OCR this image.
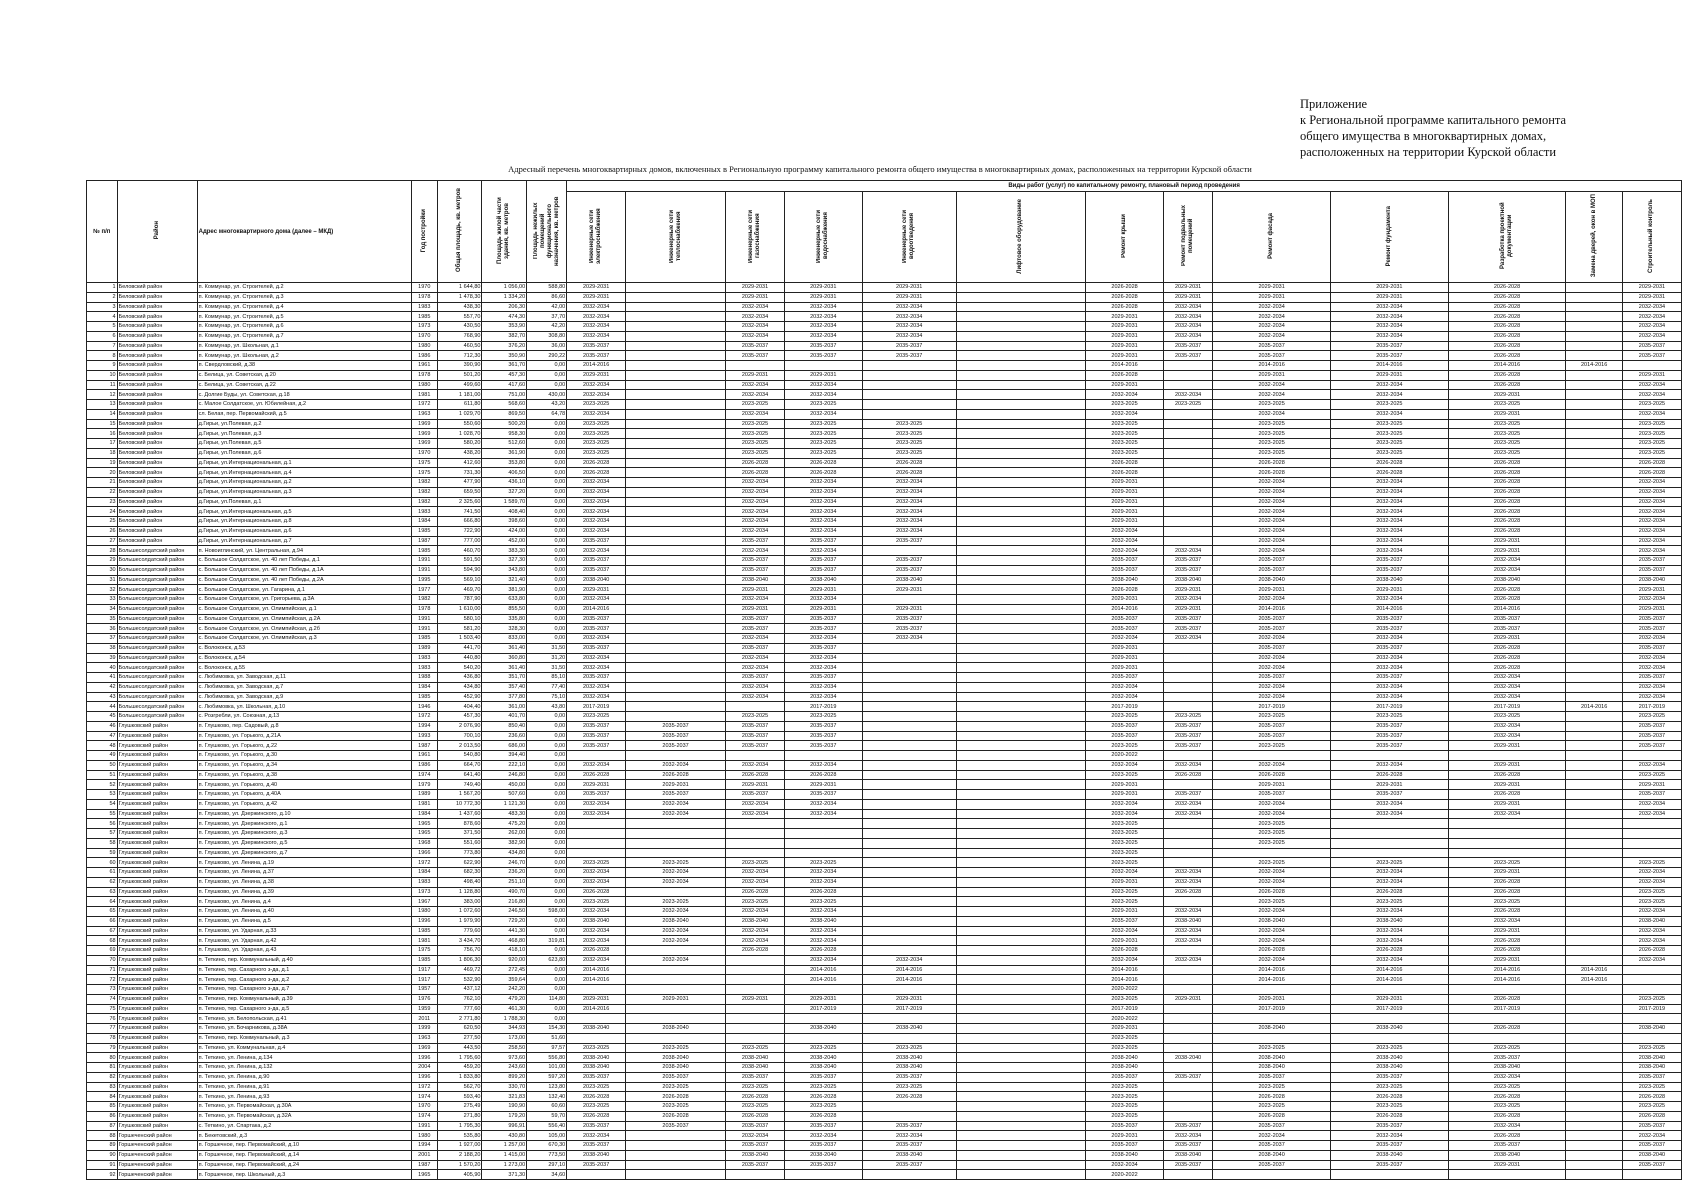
Приложение
к Региональной программе капитального ремонта
общего имущества в многоквартирных домах,
расположенных на территории Курской области
Адресный перечень многоквартирных домов, включенных в Региональную программу капитального ремонта общего имущества в многоквартирных домах, расположенных на территории Курской области
№ п/п	Район	Адрес многоквартирного дома (далее – МКД)	Год постройки	Общая площадь, кв. метров	Площадь жилой части здания, кв. метров	Площадь нежилых помещений функционального назначения, кв. метров	Виды работ (услуг) по капитальному ремонту, плановый период проведения												
							Инженерные сети электроснабжения	Инженерные сети теплоснабжения	Инженерные сети газоснабжения	Инженерные сети водоснабжения	Инженерные сети водоотведения	Лифтовое оборудование	Ремонт крыши	Ремонт подвальных помещений	Ремонт фасада	Ремонт фундамента	Разработка проектной документации	Замена дверей, окон в МОП	Строительный контроль
1	Беловский район	п. Коммунар, ул. Строителей, д.2	1970	1 644,80	1 056,00	588,80	2029-2031		2029-2031	2029-2031	2029-2031		2026-2028	2029-2031	2029-2031	2029-2031	2026-2028		2029-2031
2	Беловский район	п. Коммунар, ул. Строителей, д.3	1978	1 478,30	1 334,20	86,60	2029-2031		2029-2031	2029-2031	2029-2031		2026-2028	2029-2031	2029-2031	2029-2031	2026-2028		2029-2031
3	Беловский район	п. Коммунар, ул. Строителей, д.4	1983	438,30	206,30	42,00	2032-2034		2032-2034	2032-2034	2032-2034		2026-2028	2032-2034	2032-2034	2032-2034	2026-2028		2032-2034
4	Беловский район	п. Коммунар, ул. Строителей, д.5	1985	557,70	474,30	37,70	2032-2034		2032-2034	2032-2034	2032-2034		2029-2031	2032-2034	2032-2034	2032-2034	2026-2028		2032-2034
5	Беловский район	п. Коммунар, ул. Строителей, д.6	1973	430,50	353,90	42,20	2032-2034		2032-2034	2032-2034	2032-2034		2029-2031	2032-2034	2032-2034	2032-2034	2026-2028		2032-2034
6	Беловский район	п. Коммунар, ул. Строителей, д.7	1970	768,90	382,70	308,80	2032-2034		2032-2034	2032-2034	2032-2034		2029-2031	2032-2034	2032-2034	2032-2034	2026-2028		2032-2034
7	Беловский район	п. Коммунар, ул. Школьная, д.1	1980	460,50	376,20	36,00	2035-2037		2035-2037	2035-2037	2035-2037		2029-2031	2035-2037	2035-2037	2035-2037	2026-2028		2035-2037
8	Беловский район	п. Коммунар, ул. Школьная, д.2	1986	712,30	350,90	290,22	2035-2037		2035-2037	2035-2037	2035-2037		2029-2031	2035-2037	2035-2037	2035-2037	2026-2028		2035-2037
9	Беловский район	п. Свердловский, д.38	1961	390,90	361,70	0,00	2014-2016						2014-2016		2014-2016	2014-2016	2014-2016	2014-2016	
10	Беловский район	с. Белица, ул. Советская, д.20	1978	501,20	457,30	0,00	2029-2031		2029-2031	2029-2031			2026-2028		2029-2031	2029-2031	2026-2028		2029-2031
11	Беловский район	с. Белица, ул. Советская, д.22	1980	499,60	417,60	0,00	2032-2034		2032-2034	2032-2034			2029-2031		2032-2034	2032-2034	2026-2028		2032-2034
12	Беловский район	с. Долгие Буды, ул. Советская, д.18	1981	1 181,00	751,00	430,00	2032-2034		2032-2034	2032-2034			2032-2034	2032-2034	2032-2034	2032-2034	2029-2031		2032-2034
13	Беловский район	с. Малое Солдатское, ул. Юбилейная, д.2	1972	611,80	568,60	43,20	2023-2025		2023-2025	2023-2025			2023-2025	2023-2025	2023-2025	2023-2025	2023-2025		2023-2025
14	Беловский район	сл. Белая, пер. Первомайский, д.5	1963	1 029,70	869,50	64,78	2032-2034		2032-2034	2032-2034			2032-2034		2032-2034	2032-2034	2029-2031		2032-2034
15	Беловский район	д.Гирьи, ул.Полевая, д.2	1969	550,60	500,20	0,00	2023-2025		2023-2025	2023-2025	2023-2025		2023-2025		2023-2025	2023-2025	2023-2025		2023-2025
16	Беловский район	д.Гирьи, ул.Полевая, д.3	1969	1 028,70	958,30	0,00	2023-2025		2023-2025	2023-2025	2023-2025		2023-2025		2023-2025	2023-2025	2023-2025		2023-2025
17	Беловский район	д.Гирьи, ул.Полевая, д.5	1969	580,20	512,60	0,00	2023-2025		2023-2025	2023-2025	2023-2025		2023-2025		2023-2025	2023-2025	2023-2025		2023-2025
18	Беловский район	д.Гирьи, ул.Полевая, д.6	1970	438,20	361,90	0,00	2023-2025		2023-2025	2023-2025	2023-2025		2023-2025		2023-2025	2023-2025	2023-2025		2023-2025
19	Беловский район	д.Гирьи, ул.Интернациональная, д.1	1975	412,60	353,80	0,00	2026-2028		2026-2028	2026-2028	2026-2028		2026-2028		2026-2028	2026-2028	2026-2028		2026-2028
20	Беловский район	д.Гирьи, ул.Интернациональная, д.4	1975	731,30	406,50	0,00	2026-2028		2026-2028	2026-2028	2026-2028		2026-2028		2026-2028	2026-2028	2026-2028		2026-2028
21	Беловский район	д.Гирьи, ул.Интернациональная, д.2	1982	477,90	436,10	0,00	2032-2034		2032-2034	2032-2034	2032-2034		2029-2031		2032-2034	2032-2034	2026-2028		2032-2034
22	Беловский район	д.Гирьи, ул.Интернациональная, д.3	1982	659,50	327,20	0,00	2032-2034		2032-2034	2032-2034	2032-2034		2029-2031		2032-2034	2032-2034	2026-2028		2032-2034
23	Беловский район	д.Гирьи, ул.Полевая, д.1	1982	2 325,60	1 589,70	0,00	2032-2034		2032-2034	2032-2034	2032-2034		2029-2031		2032-2034	2032-2034	2026-2028		2032-2034
24	Беловский район	д.Гирьи, ул.Интернациональная, д.5	1983	741,50	408,40	0,00	2032-2034		2032-2034	2032-2034	2032-2034		2029-2031		2032-2034	2032-2034	2026-2028		2032-2034
25	Беловский район	д.Гирьи, ул.Интернациональная, д.8	1984	666,80	398,60	0,00	2032-2034		2032-2034	2032-2034	2032-2034		2029-2031		2032-2034	2032-2034	2026-2028		2032-2034
26	Беловский район	д.Гирьи, ул.Интернациональная, д.6	1985	722,90	424,00	0,00	2032-2034		2032-2034	2032-2034	2032-2034		2032-2034		2032-2034	2032-2034	2026-2028		2032-2034
27	Беловский район	д.Гирьи, ул.Интернациональная, д.7	1987	777,00	452,00	0,00	2035-2037		2035-2037	2035-2037	2035-2037		2032-2034		2032-2034	2032-2034	2029-2031		2032-2034
28	Большесолдатский район	п. Новоиглинский, ул. Центральная, д.94	1985	460,70	383,30	0,00	2032-2034		2032-2034	2032-2034			2032-2034	2032-2034	2032-2034	2032-2034	2029-2031		2032-2034
29	Большесолдатский район	с. Большое Солдатское, ул. 40 лет Победы, д.1	1991	591,50	327,30	0,00	2035-2037		2035-2037	2035-2037	2035-2037		2035-2037	2035-2037	2035-2037	2035-2037	2032-2034		2035-2037
30	Большесолдатский район	с. Большое Солдатское, ул. 40 лет Победы, д.1А	1991	594,90	343,80	0,00	2035-2037		2035-2037	2035-2037	2035-2037		2035-2037	2035-2037	2035-2037	2035-2037	2032-2034		2035-2037
31	Большесолдатский район	с. Большое Солдатское, ул. 40 лет Победы, д.2А	1995	569,10	321,40	0,00	2038-2040		2038-2040	2038-2040	2038-2040		2038-2040	2038-2040	2038-2040	2038-2040	2038-2040		2038-2040
32	Большесолдатский район	с. Большое Солдатское, ул. Гагарина, д.1	1977	469,70	381,90	0,00	2029-2031		2029-2031	2029-2031	2029-2031		2026-2028	2029-2031	2029-2031	2029-2031	2026-2028		2029-2031
33	Большесолдатский район	с. Большое Солдатское, ул. Григорьева, д.3А	1982	787,90	633,80	0,00	2032-2034		2032-2034	2032-2034			2029-2031	2032-2034	2032-2034	2032-2034	2026-2028		2032-2034
34	Большесолдатский район	с. Большое Солдатское, ул. Олимпийская, д.1	1978	1 610,00	855,50	0,00	2014-2016		2029-2031	2029-2031	2029-2031		2014-2016	2029-2031	2014-2016	2014-2016	2014-2016		2029-2031
35	Большесолдатский район	с. Большое Солдатское, ул. Олимпийская, д.2А	1991	580,10	335,80	0,00	2035-2037		2035-2037	2035-2037	2035-2037		2035-2037	2035-2037	2035-2037	2035-2037	2035-2037		2035-2037
36	Большесолдатский район	с. Большое Солдатское, ул. Олимпийская, д.2б	1991	581,20	328,30	0,00	2035-2037		2035-2037	2035-2037	2035-2037		2035-2037	2035-2037	2035-2037	2035-2037	2035-2037		2035-2037
37	Большесолдатский район	с. Большое Солдатское, ул. Олимпийская, д.3	1985	1 503,40	833,00	0,00	2032-2034		2032-2034	2032-2034	2032-2034		2032-2034	2032-2034	2032-2034	2032-2034	2029-2031		2032-2034
38	Большесолдатский район	с. Волоконск, д.53	1989	441,70	361,40	31,50	2035-2037		2035-2037	2035-2037			2029-2031		2035-2037	2035-2037	2026-2028		2035-2037
39	Большесолдатский район	с. Волоконск, д.54	1983	440,80	360,80	31,20	2032-2034		2032-2034	2032-2034			2029-2031		2032-2034	2032-2034	2026-2028		2032-2034
40	Большесолдатский район	с. Волоконск, д.55	1983	540,20	361,40	31,50	2032-2034		2032-2034	2032-2034			2029-2031		2032-2034	2032-2034	2026-2028		2032-2034
41	Большесолдатский район	с. Любимовка, ул. Заводская, д.11	1988	436,80	351,70	85,10	2035-2037		2035-2037	2035-2037			2035-2037		2035-2037	2035-2037	2032-2034		2035-2037
42	Большесолдатский район	с. Любимовка, ул. Заводская, д.7	1984	434,80	357,40	77,40	2032-2034		2032-2034	2032-2034			2032-2034		2032-2034	2032-2034	2032-2034		2032-2034
43	Большесолдатский район	с. Любимовка, ул. Заводская, д.9	1985	452,90	377,80	75,10	2032-2034		2032-2034	2032-2034			2032-2034		2032-2034	2032-2034	2032-2034		2032-2034
44	Большесолдатский район	с. Любимовка, ул. Школьная, д.10	1946	404,40	361,00	43,80	2017-2019			2017-2019			2017-2019		2017-2019	2017-2019	2017-2019	2014-2016	2017-2019
45	Большесолдатский район	с. Розгребли, ул. Союзная, д.13	1972	457,30	401,70	0,00	2023-2025		2023-2025	2023-2025			2023-2025	2023-2025	2023-2025	2023-2025	2023-2025		2023-2025
46	Глушковский район	п. Глушково, пер. Садовый, д.8	1994	2 076,90	850,40	0,00	2035-2037	2035-2037	2035-2037	2035-2037			2035-2037	2035-2037	2035-2037	2035-2037	2032-2034		2035-2037
47	Глушковский район	п. Глушково, ул. Горького, д.21А	1993	700,10	236,60	0,00	2035-2037	2035-2037	2035-2037	2035-2037			2035-2037	2035-2037	2035-2037	2035-2037	2032-2034		2035-2037
48	Глушковский район	п. Глушково, ул. Горького, д.22	1987	2 013,50	686,00	0,00	2035-2037	2035-2037	2035-2037	2035-2037			2023-2025	2035-2037	2023-2025	2035-2037	2029-2031		2035-2037
49	Глушковский район	п. Глушково, ул. Горького, д.30	1961	540,80	394,40	0,00							2020-2022						
50	Глушковский район	п. Глушково, ул. Горького, д.34	1986	664,70	222,10	0,00	2032-2034	2032-2034	2032-2034	2032-2034			2032-2034	2032-2034	2032-2034	2032-2034	2029-2031		2032-2034
51	Глушковский район	п. Глушково, ул. Горького, д.38	1974	641,40	246,80	0,00	2026-2028	2026-2028	2026-2028	2026-2028			2023-2025	2026-2028	2026-2028	2026-2028	2026-2028		2023-2025
52	Глушковский район	п. Глушково, ул. Горького, д.40	1979	749,40	450,00	0,00	2029-2031	2029-2031	2029-2031	2029-2031			2029-2031		2029-2031	2029-2031	2029-2031		2029-2031
53	Глушковский район	п. Глушково, ул. Горького, д.40А	1989	1 567,20	507,60	0,00	2035-2037	2035-2037	2035-2037	2035-2037			2029-2031	2035-2037	2035-2037	2035-2037	2026-2028		2035-2037
54	Глушковский район	п. Глушково, ул. Горького, д.42	1981	10 772,30	1 121,30	0,00	2032-2034	2032-2034	2032-2034	2032-2034			2032-2034	2032-2034	2032-2034	2032-2034	2029-2031		2032-2034
55	Глушковский район	п. Глушково, ул. Дзержинского, д.10	1984	1 437,60	483,30	0,00	2032-2034	2032-2034	2032-2034	2032-2034			2032-2034	2032-2034	2032-2034	2032-2034	2032-2034		2032-2034
56	Глушковский район	п. Глушково, ул. Дзержинского, д.1	1965	878,60	475,20	0,00							2023-2025		2023-2025				
57	Глушковский район	п. Глушково, ул. Дзержинского, д.3	1965	371,50	262,00	0,00							2023-2025		2023-2025				
58	Глушковский район	п. Глушково, ул. Дзержинского, д.5	1968	551,60	382,90	0,00							2023-2025		2023-2025				
59	Глушковский район	п. Глушково, ул. Дзержинского, д.7	1966	773,80	434,80	0,00							2023-2025						
60	Глушковский район	п. Глушково, ул. Ленина, д.19	1972	622,90	246,70	0,00	2023-2025	2023-2025	2023-2025	2023-2025			2023-2025		2023-2025	2023-2025	2023-2025		2023-2025
61	Глушковский район	п. Глушково, ул. Ленина, д.37	1984	682,30	236,20	0,00	2032-2034	2032-2034	2032-2034	2032-2034			2032-2034	2032-2034	2032-2034	2032-2034	2029-2031		2032-2034
62	Глушковский район	п. Глушково, ул. Ленина, д.38	1983	498,40	251,10	0,00	2032-2034	2032-2034	2032-2034	2032-2034			2029-2031	2032-2034	2032-2034	2032-2034	2026-2028		2032-2034
63	Глушковский район	п. Глушково, ул. Ленина, д.39	1973	1 128,80	490,70	0,00	2026-2028		2026-2028	2026-2028			2023-2025	2026-2028	2026-2028	2026-2028	2026-2028		2023-2025
64	Глушковский район	п. Глушково, ул. Ленина, д.4	1967	383,00	216,80	0,00	2023-2025	2023-2025	2023-2025	2023-2025			2023-2025		2023-2025	2023-2025	2023-2025		2023-2025
65	Глушковский район	п. Глушково, ул. Ленина, д.40	1980	1 072,60	246,50	598,00	2032-2034	2032-2034	2032-2034	2032-2034			2029-2031	2032-2034	2032-2034	2032-2034	2026-2028		2032-2034
66	Глушковский район	п. Глушково, ул. Ленина, д.5	1996	1 979,90	729,20	0,00	2038-2040	2038-2040	2038-2040	2038-2040			2035-2037	2038-2040	2038-2040	2038-2040	2032-2034		2038-2040
67	Глушковский район	п. Глушково, ул. Ударная, д.33	1985	779,60	441,30	0,00	2032-2034	2032-2034	2032-2034	2032-2034			2032-2034	2032-2034	2032-2034	2032-2034	2029-2031		2032-2034
68	Глушковский район	п. Глушково, ул. Ударная, д.42	1981	3 434,70	468,80	319,81	2032-2034	2032-2034	2032-2034	2032-2034			2029-2031	2032-2034	2032-2034	2032-2034	2026-2028		2032-2034
69	Глушковский район	п. Глушково, ул. Ударная, д.43	1975	756,70	418,10	0,00	2026-2028		2026-2028	2026-2028			2026-2028		2026-2028	2026-2028	2026-2028		2026-2028
70	Глушковский район	п. Теткино, пер. Коммунальный, д.40	1985	1 806,30	920,00	623,80	2032-2034	2032-2034		2032-2034	2032-2034		2032-2034	2032-2034	2032-2034	2032-2034	2029-2031		2032-2034
71	Глушковский район	п. Теткино, тер. Сахарного з-да, д.1	1917	469,72	272,45	0,00	2014-2016			2014-2016	2014-2016		2014-2016		2014-2016	2014-2016	2014-2016	2014-2016	
72	Глушковский район	п. Теткино, тер. Сахарного з-да, д.2	1917	532,90	359,64	0,00	2014-2016			2014-2016	2014-2016		2014-2016		2014-2016	2014-2016	2014-2016	2014-2016	
73	Глушковский район	п. Теткино, тер. Сахарного з-да, д.7	1957	437,12	242,20	0,00							2020-2022						
74	Глушковский район	п. Теткино, пер. Коммунальный, д.39	1976	762,10	479,20	114,80	2029-2031	2029-2031	2029-2031	2029-2031	2029-2031		2023-2025	2029-2031	2029-2031	2029-2031	2026-2028		2023-2025
75	Глушковский район	п. Теткино, тер. Сахарного з-да, д.5	1959	777,60	461,30	0,00	2014-2016			2017-2019	2017-2019		2017-2019		2017-2019	2017-2019	2017-2019		2017-2019
76	Глушковский район	п. Теткино, ул. Белопольская, д.41	2011	2 771,80	1 788,30	0,00							2020-2022						
77	Глушковский район	п. Теткино, ул. Бочарникова, д.38А	1999	620,50	344,93	154,30	2038-2040	2038-2040		2038-2040	2038-2040		2029-2031		2038-2040	2038-2040	2026-2028		2038-2040
78	Глушковский район	п. Теткино, пер. Коммунальный, д.3	1963	277,50	173,00	51,60							2023-2025						
79	Глушковский район	п. Теткино, ул. Коммунальная, д.4	1969	443,50	258,50	97,57	2023-2025	2023-2025	2023-2025	2023-2025	2023-2025		2023-2025		2023-2025	2023-2025	2023-2025		2023-2025
80	Глушковский район	п. Теткино, ул. Ленина, д.134	1996	1 795,60	973,60	556,80	2038-2040	2038-2040	2038-2040	2038-2040	2038-2040		2038-2040	2038-2040	2038-2040	2038-2040	2035-2037		2038-2040
81	Глушковский район	п. Теткино, ул. Ленина, д.132	2004	459,20	243,60	101,00	2038-2040	2038-2040	2038-2040	2038-2040	2038-2040		2038-2040		2038-2040	2038-2040	2038-2040		2038-2040
82	Глушковский район	п. Теткино, ул. Ленина, д.90	1996	1 833,80	899,20	597,20	2035-2037	2035-2037	2035-2037	2035-2037	2035-2037		2035-2037	2035-2037	2035-2037	2035-2037	2032-2034		2035-2037
83	Глушковский район	п. Теткино, ул. Ленина, д.91	1972	562,70	330,70	123,80	2023-2025	2023-2025	2023-2025	2023-2025	2023-2025		2023-2025		2023-2025	2023-2025	2023-2025		2023-2025
84	Глушковский район	п. Теткино, ул. Ленина, д.93	1974	593,40	321,83	132,40	2026-2028	2026-2028	2026-2028	2026-2028	2026-2028		2023-2025		2026-2028	2026-2028	2026-2028		2026-2028
85	Глушковский район	п. Теткино, ул. Первомайская, д.30А	1970	275,49	190,90	60,60	2023-2025	2023-2025	2023-2025	2023-2025			2023-2025		2023-2025	2023-2025	2023-2025		2023-2025
86	Глушковский район	п. Теткино, ул. Первомайская, д.32А	1974	271,80	179,20	59,70	2026-2028	2026-2028	2026-2028	2026-2028			2023-2025		2026-2028	2026-2028	2026-2028		2026-2028
87	Глушковский район	с. Теткино, ул. Спартака, д.2	1991	1 795,30	996,91	556,40	2035-2037	2035-2037	2035-2037	2035-2037	2035-2037		2035-2037	2035-2037	2035-2037	2035-2037	2032-2034		2035-2037
88	Горшеченский район	п. Бекетовский, д.3	1980	535,80	430,80	105,00	2032-2034		2032-2034	2032-2034	2032-2034		2029-2031	2032-2034	2032-2034	2032-2034	2026-2028		2032-2034
89	Горшеченский район	п. Горшечное, пер. Первомайский, д.10	1994	1 927,00	1 257,00	670,30	2035-2037		2035-2037	2035-2037	2035-2037		2035-2037	2035-2037	2035-2037	2035-2037	2035-2037		2035-2037
90	Горшеченский район	п. Горшечное, пер. Первомайский, д.14	2001	2 188,20	1 415,00	773,50	2038-2040		2038-2040	2038-2040	2038-2040		2038-2040	2038-2040	2038-2040	2038-2040	2038-2040		2038-2040
91	Горшеченский район	п. Горшечное, пер. Первомайский, д.24	1987	1 570,20	1 273,00	297,10	2035-2037		2035-2037	2035-2037	2035-2037		2032-2034	2035-2037	2035-2037	2035-2037	2029-2031		2035-2037
92	Горшеченский район	п. Горшечное, пер. Школьный, д.3	1965	405,90	371,30	34,60							2020-2022						
